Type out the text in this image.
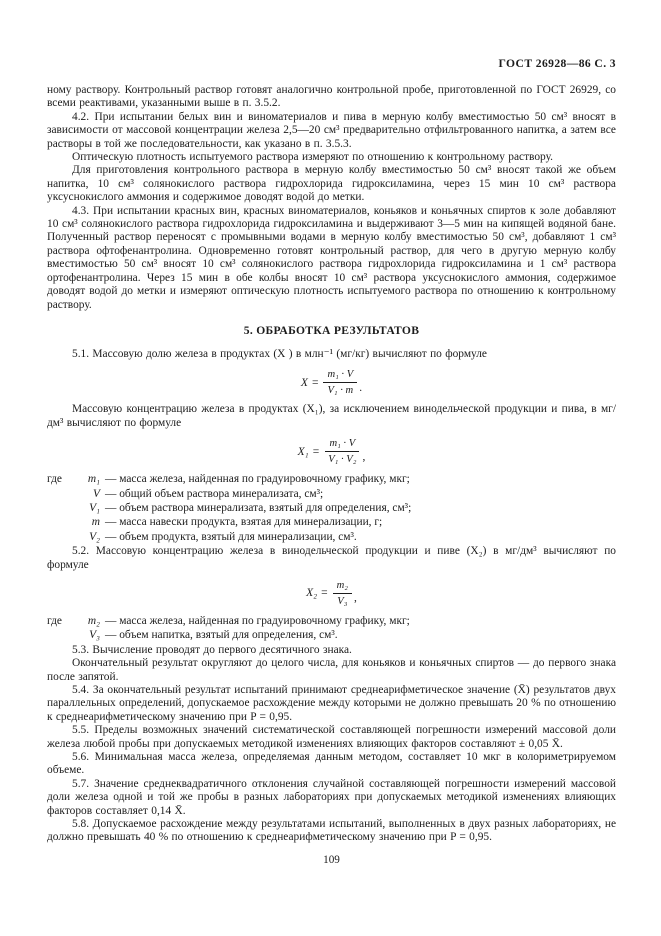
ГОСТ 26928—86 С. 3

ному раствору. Контрольный раствор готовят аналогично контрольной пробе, приготовленной по ГОСТ 26929, со всеми реактивами, указанными выше в п. 3.5.2.

4.2. При испытании белых вин и виноматериалов и пива в мерную колбу вместимостью 50 см³ вносят в зависимости от массовой концентрации железа 2,5—20 см³ предварительно отфильтрованного напитка, а затем все растворы в той же последовательности, как указано в п. 3.5.3.

Оптическую плотность испытуемого раствора измеряют по отношению к контрольному раствору.

Для приготовления контрольного раствора в мерную колбу вместимостью 50 см³ вносят такой же объем напитка, 10 см³ солянокислого раствора гидрохлорида гидроксиламина, через 15 мин 10 см³ раствора уксуснокислого аммония и содержимое доводят водой до метки.

4.3. При испытании красных вин, красных виноматериалов, коньяков и коньячных спиртов к золе добавляют 10 см³ солянокислого раствора гидрохлорида гидроксиламина и выдерживают 3—5 мин на кипящей водяной бане. Полученный раствор переносят с промывными водами в мерную колбу вместимостью 50 см³, добавляют 1 см³ раствора офтофенантролина. Одновременно готовят контрольный раствор, для чего в другую мерную колбу вместимостью 50 см³ вносят 10 см³ солянокислого раствора гидрохлорида гидроксиламина и 1 см³ раствора ортофенантролина. Через 15 мин в обе колбы вносят 10 см³ раствора уксуснокислого аммония, содержимое доводят водой до метки и измеряют оптическую плотность испытуемого раствора по отношению к контрольному раствору.

5. ОБРАБОТКА РЕЗУЛЬТАТОВ

5.1. Массовую долю железа в продуктах (X ) в млн⁻¹ (мг/кг) вычисляют по формуле

$X = \frac{\text{m₁ · V}}{\text{V₁ · m}}$ .

Массовую концентрацию железа в продуктах (X₁), за исключением винодельческой продукции и пива, в мг/дм³ вычисляют по формуле

$X_1 = \frac{\text{m₁ · V}}{\text{V₁ · V₂}}$ ,
где	m₁ — масса железа, найденная по градуировочному графику, мкг;
V — общий объем раствора минерализата, см³;
V₁ — объем раствора минерализата, взятый для определения, см³;
m — масса навески продукта, взятая для минерализации, г;
V₂ — объем продукта, взятый для минерализации, см³.

5.2. Массовую концентрацию железа в винодельческой продукции и пиве (X₂) в мг/дм³ вычисляют по формуле

$X_2 = \frac{\text{m₂}}{\text{V₃}}$ ,
где	m₂ — масса железа, найденная по градуировочному графику, мкг;
V₃ — объем напитка, взятый для определения, см³.

5.3. Вычисление проводят до первого десятичного знака.

Окончательный результат округляют до целого числа, для коньяков и коньячных спиртов — до первого знака после запятой.

5.4. За окончательный результат испытаний принимают среднеарифметическое значение (X̄) результатов двух параллельных определений, допускаемое расхождение между которыми не должно превышать 20 % по отношению к среднеарифметическому значению при P = 0,95.

5.5. Пределы возможных значений систематической составляющей погрешности измерений массовой доли железа любой пробы при допускаемых методикой изменениях влияющих факторов составляют ± 0,05 X̄.

5.6. Минимальная масса железа, определяемая данным методом, составляет 10 мкг в колориметрируемом объеме.

5.7. Значение среднеквадратичного отклонения случайной составляющей погрешности измерений массовой доли железа одной и той же пробы в разных лабораториях при допускаемых методикой изменениях влияющих факторов составляет 0,14 X̄.

5.8. Допускаемое расхождение между результатами испытаний, выполненных в двух разных лабораториях, не должно превышать 40 % по отношению к среднеарифметическому значению при P = 0,95.

109
